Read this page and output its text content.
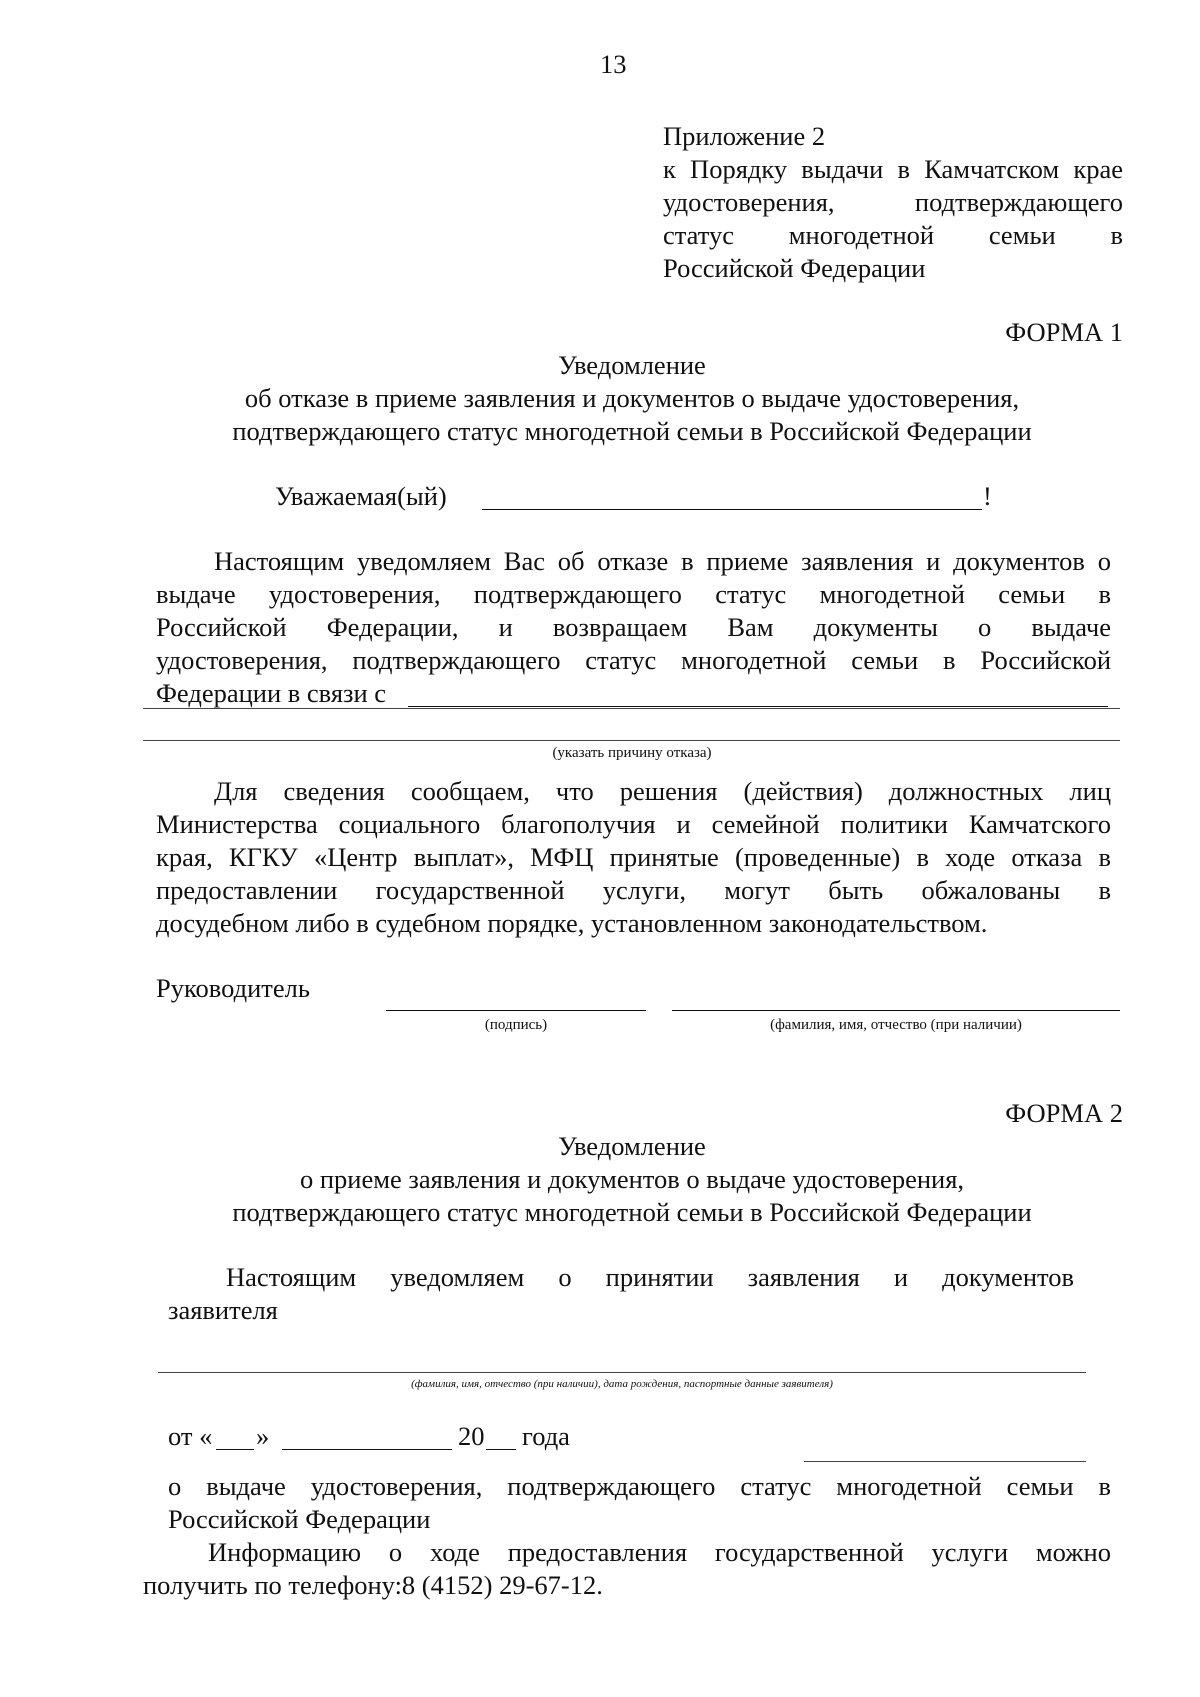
13
Приложение 2
к Порядку выдачи в Камчатском крае
удостоверения,	подтверждающего
статус многодетной семьи в
Российской Федерации
ФОРМА 1
Уведомление
об отказе в приеме заявления и документов о выдаче удостоверения,
подтверждающего статус многодетной семьи в Российской Федерации
Уважаемая(ый)	!
Настоящим уведомляем Вас об отказе в приеме заявления и документов о
выдаче удостоверения, подтверждающего статус многодетной семьи в
Российской Федерации, и возвращаем Вам документы о выдаче
удостоверения, подтверждающего статус многодетной семьи в Российской
Федерации в связи с
(указать причину отказа)
Для сведения сообщаем, что решения (действия) должностных лиц
Министерства социального благополучия и семейной политики Камчатского
края, КГКУ «Центр выплат», МФЦ принятые (проведенные) в ходе отказа в
предоставлении государственной услуги, могут быть обжалованы в
досудебном либо в судебном порядке, установленном законодательством.
Руководитель
(подпись)	(фамилия, имя, отчество (при наличии)
ФОРМА 2
Уведомление
о приеме заявления и документов о выдаче удостоверения,
подтверждающего статус многодетной семьи в Российской Федерации
Настоящим уведомляем о принятии заявления и документов
заявителя
(фамилия, имя, отчество (при наличии), дата рождения, паспортные данные заявителя)
от « »	20 года
о выдаче удостоверения, подтверждающего статус многодетной семьи в
Российской Федерации
Информацию о ходе предоставления государственной услуги можно
получить по телефону:8 (4152) 29-67-12.
